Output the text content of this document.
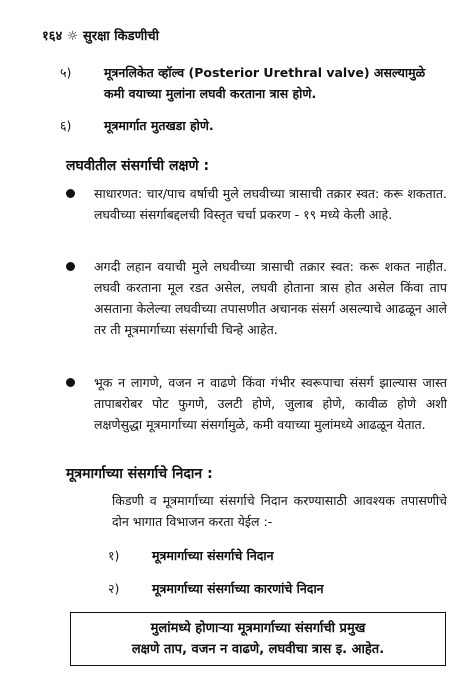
१६४ ☼ सुरक्षा किडणीची
५)	मूत्रनलिकेत व्हॉल्व (Posterior Urethral valve) असल्यामुळे कमी वयाच्या मुलांना लघवी करताना त्रास होणे.
६)	मूत्रमार्गात मुतखडा होणे.
लघवीतील संसर्गाची लक्षणे :
साधारणत: चार/पाच वर्षाची मुले लघवीच्या त्रासाची तक्रार स्वत: करू शकतात. लघवीच्या संसर्गाबद्दलची विस्तृत चर्चा प्रकरण - १९ मध्ये केली आहे.
अगदी लहान वयाची मुले लघवीच्या त्रासाची तक्रार स्वत: करू शकत नाहीत. लघवी करताना मूल रडत असेल, लघवी होताना त्रास होत असेल किंवा ताप असताना केलेल्या लघवीच्या तपासणीत अचानक संसर्ग असल्याचे आढळून आले तर ती मूत्रमार्गाच्या संसर्गाची चिन्हे आहेत.
भूक न लागणे, वजन न वाढणे किंवा गंभीर स्वरूपाचा संसर्ग झाल्यास जास्त तापाबरोबर पोट फुगणे, उलटी होणे, जुलाब होणे, कावीळ होणे अशी लक्षणेसुद्धा मूत्रमार्गाच्या संसर्गामुळे, कमी वयाच्या मुलांमध्ये आढळून येतात.
मूत्रमार्गाच्या संसर्गाचे निदान :
किडणी व मूत्रमार्गाच्या संसर्गाचे निदान करण्यासाठी आवश्यक तपासणीचे दोन भागात विभाजन करता येईल :-
१)	मूत्रमार्गाच्या संसर्गाचे निदान
२)	मूत्रमार्गाच्या संसर्गाच्या कारणांचे निदान
मुलांमध्ये होणाऱ्या मूत्रमार्गाच्या संसर्गाची प्रमुख
लक्षणे ताप, वजन न वाढणे, लघवीचा त्रास इ. आहेत.
